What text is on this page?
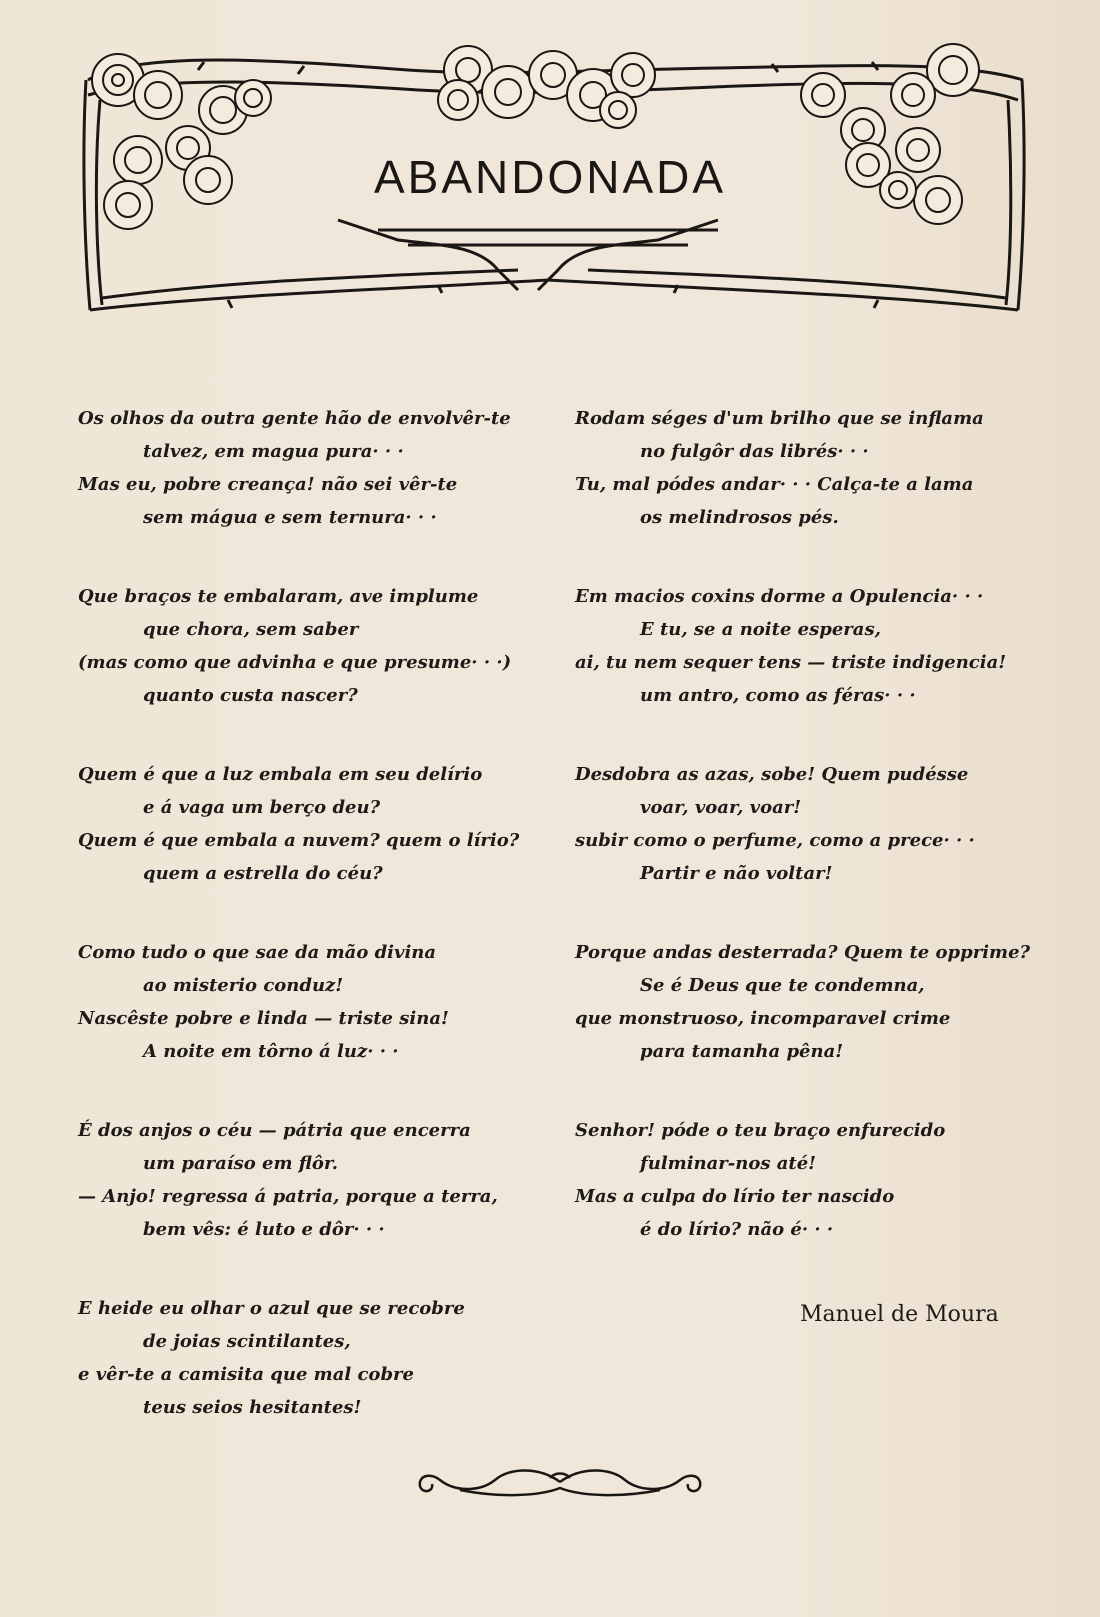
ABANDONADA
Os olhos da outra gente hão de envolvêr-te
talvez, em magua pura· · ·
Mas eu, pobre creança! não sei vêr-te
sem mágua e sem ternura· · ·
Que braços te embalaram, ave implume
que chora, sem saber
(mas como que advinha e que presume· · ·)
quanto custa nascer?
Quem é que a luz embala em seu delírio
e á vaga um berço deu?
Quem é que embala a nuvem? quem o lírio?
quem a estrella do céu?
Como tudo o que sae da mão divina
ao misterio conduz!
Nascêste pobre e linda — triste sina!
A noite em tôrno á luz· · ·
É dos anjos o céu — pátria que encerra
um paraíso em flôr.
— Anjo! regressa á patria, porque a terra,
bem vês: é luto e dôr· · ·
E heide eu olhar o azul que se recobre
de joias scintilantes,
e vêr-te a camisita que mal cobre
teus seios hesitantes!
Rodam séges d'um brilho que se inflama
no fulgôr das librés· · ·
Tu, mal pódes andar· · · Calça-te a lama
os melindrosos pés.
Em macios coxins dorme a Opulencia· · ·
E tu, se a noite esperas,
ai, tu nem sequer tens — triste indigencia!
um antro, como as féras· · ·
Desdobra as azas, sobe! Quem pudésse
voar, voar, voar!
subir como o perfume, como a prece· · ·
Partir e não voltar!
Porque andas desterrada? Quem te opprime?
Se é Deus que te condemna,
que monstruoso, incomparavel crime
para tamanha pêna!
Senhor! póde o teu braço enfurecido
fulminar-nos até!
Mas a culpa do lírio ter nascido
é do lírio? não é· · ·
Manuel de Moura
